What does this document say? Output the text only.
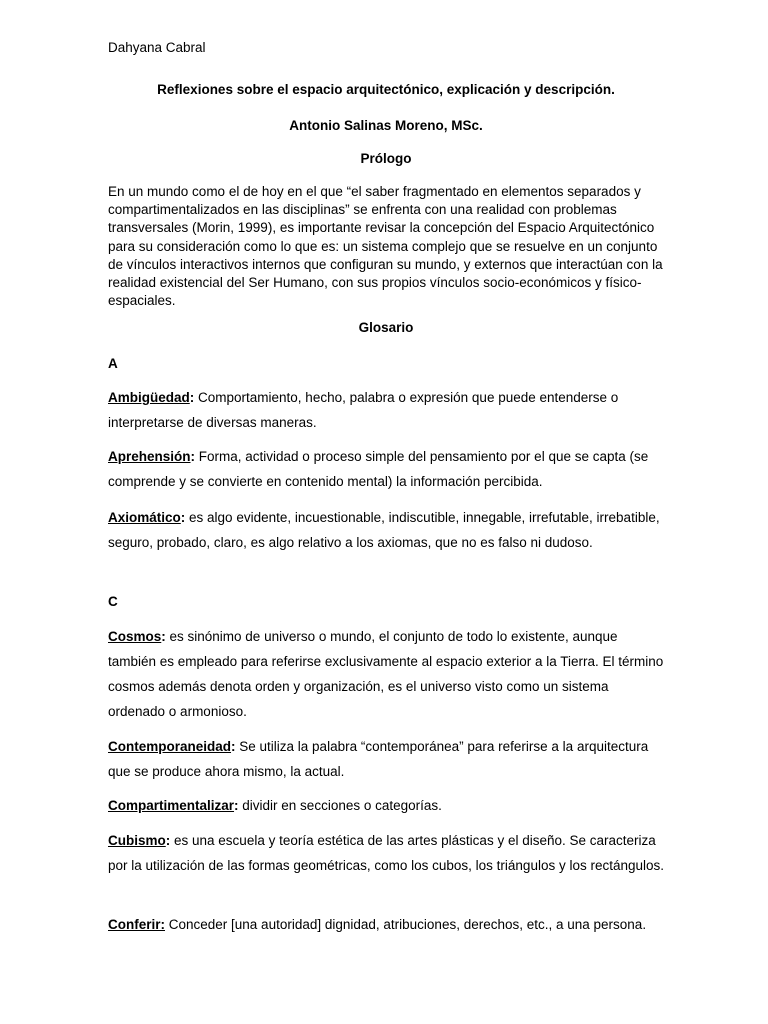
Dahyana Cabral
Reflexiones sobre el espacio arquitectónico, explicación y descripción.
Antonio Salinas Moreno, MSc.
Prólogo
En un mundo como el de hoy en el que “el saber fragmentado en elementos separados y compartimentalizados en las disciplinas” se enfrenta con una realidad con problemas transversales (Morin, 1999), es importante revisar la concepción del Espacio Arquitectónico para su consideración como lo que es: un sistema complejo que se resuelve en un conjunto de vínculos interactivos internos que configuran su mundo, y externos que interactúan con la realidad existencial del Ser Humano, con sus propios vínculos socio-económicos y físico-espaciales.
Glosario
A
Ambigüedad: Comportamiento, hecho, palabra o expresión que puede entenderse o interpretarse de diversas maneras.
Aprehensión: Forma, actividad o proceso simple del pensamiento por el que se capta (se comprende y se convierte en contenido mental) la información percibida.
Axiomático: es algo evidente, incuestionable, indiscutible, innegable, irrefutable, irrebatible, seguro, probado, claro, es algo relativo a los axiomas, que no es falso ni dudoso.
C
Cosmos: es sinónimo de universo o mundo, el conjunto de todo lo existente, aunque también es empleado para referirse exclusivamente al espacio exterior a la Tierra. El término cosmos además denota orden y organización, es el universo visto como un sistema ordenado o armonioso.
Contemporaneidad: Se utiliza la palabra “contemporánea” para referirse a la arquitectura que se produce ahora mismo, la actual.
Compartimentalizar: dividir en secciones o categorías.
Cubismo: es una escuela y teoría estética de las artes plásticas y el diseño. Se caracteriza por la utilización de las formas geométricas, como los cubos, los triángulos y los rectángulos.
Conferir: Conceder [una autoridad] dignidad, atribuciones, derechos, etc., a una persona.
